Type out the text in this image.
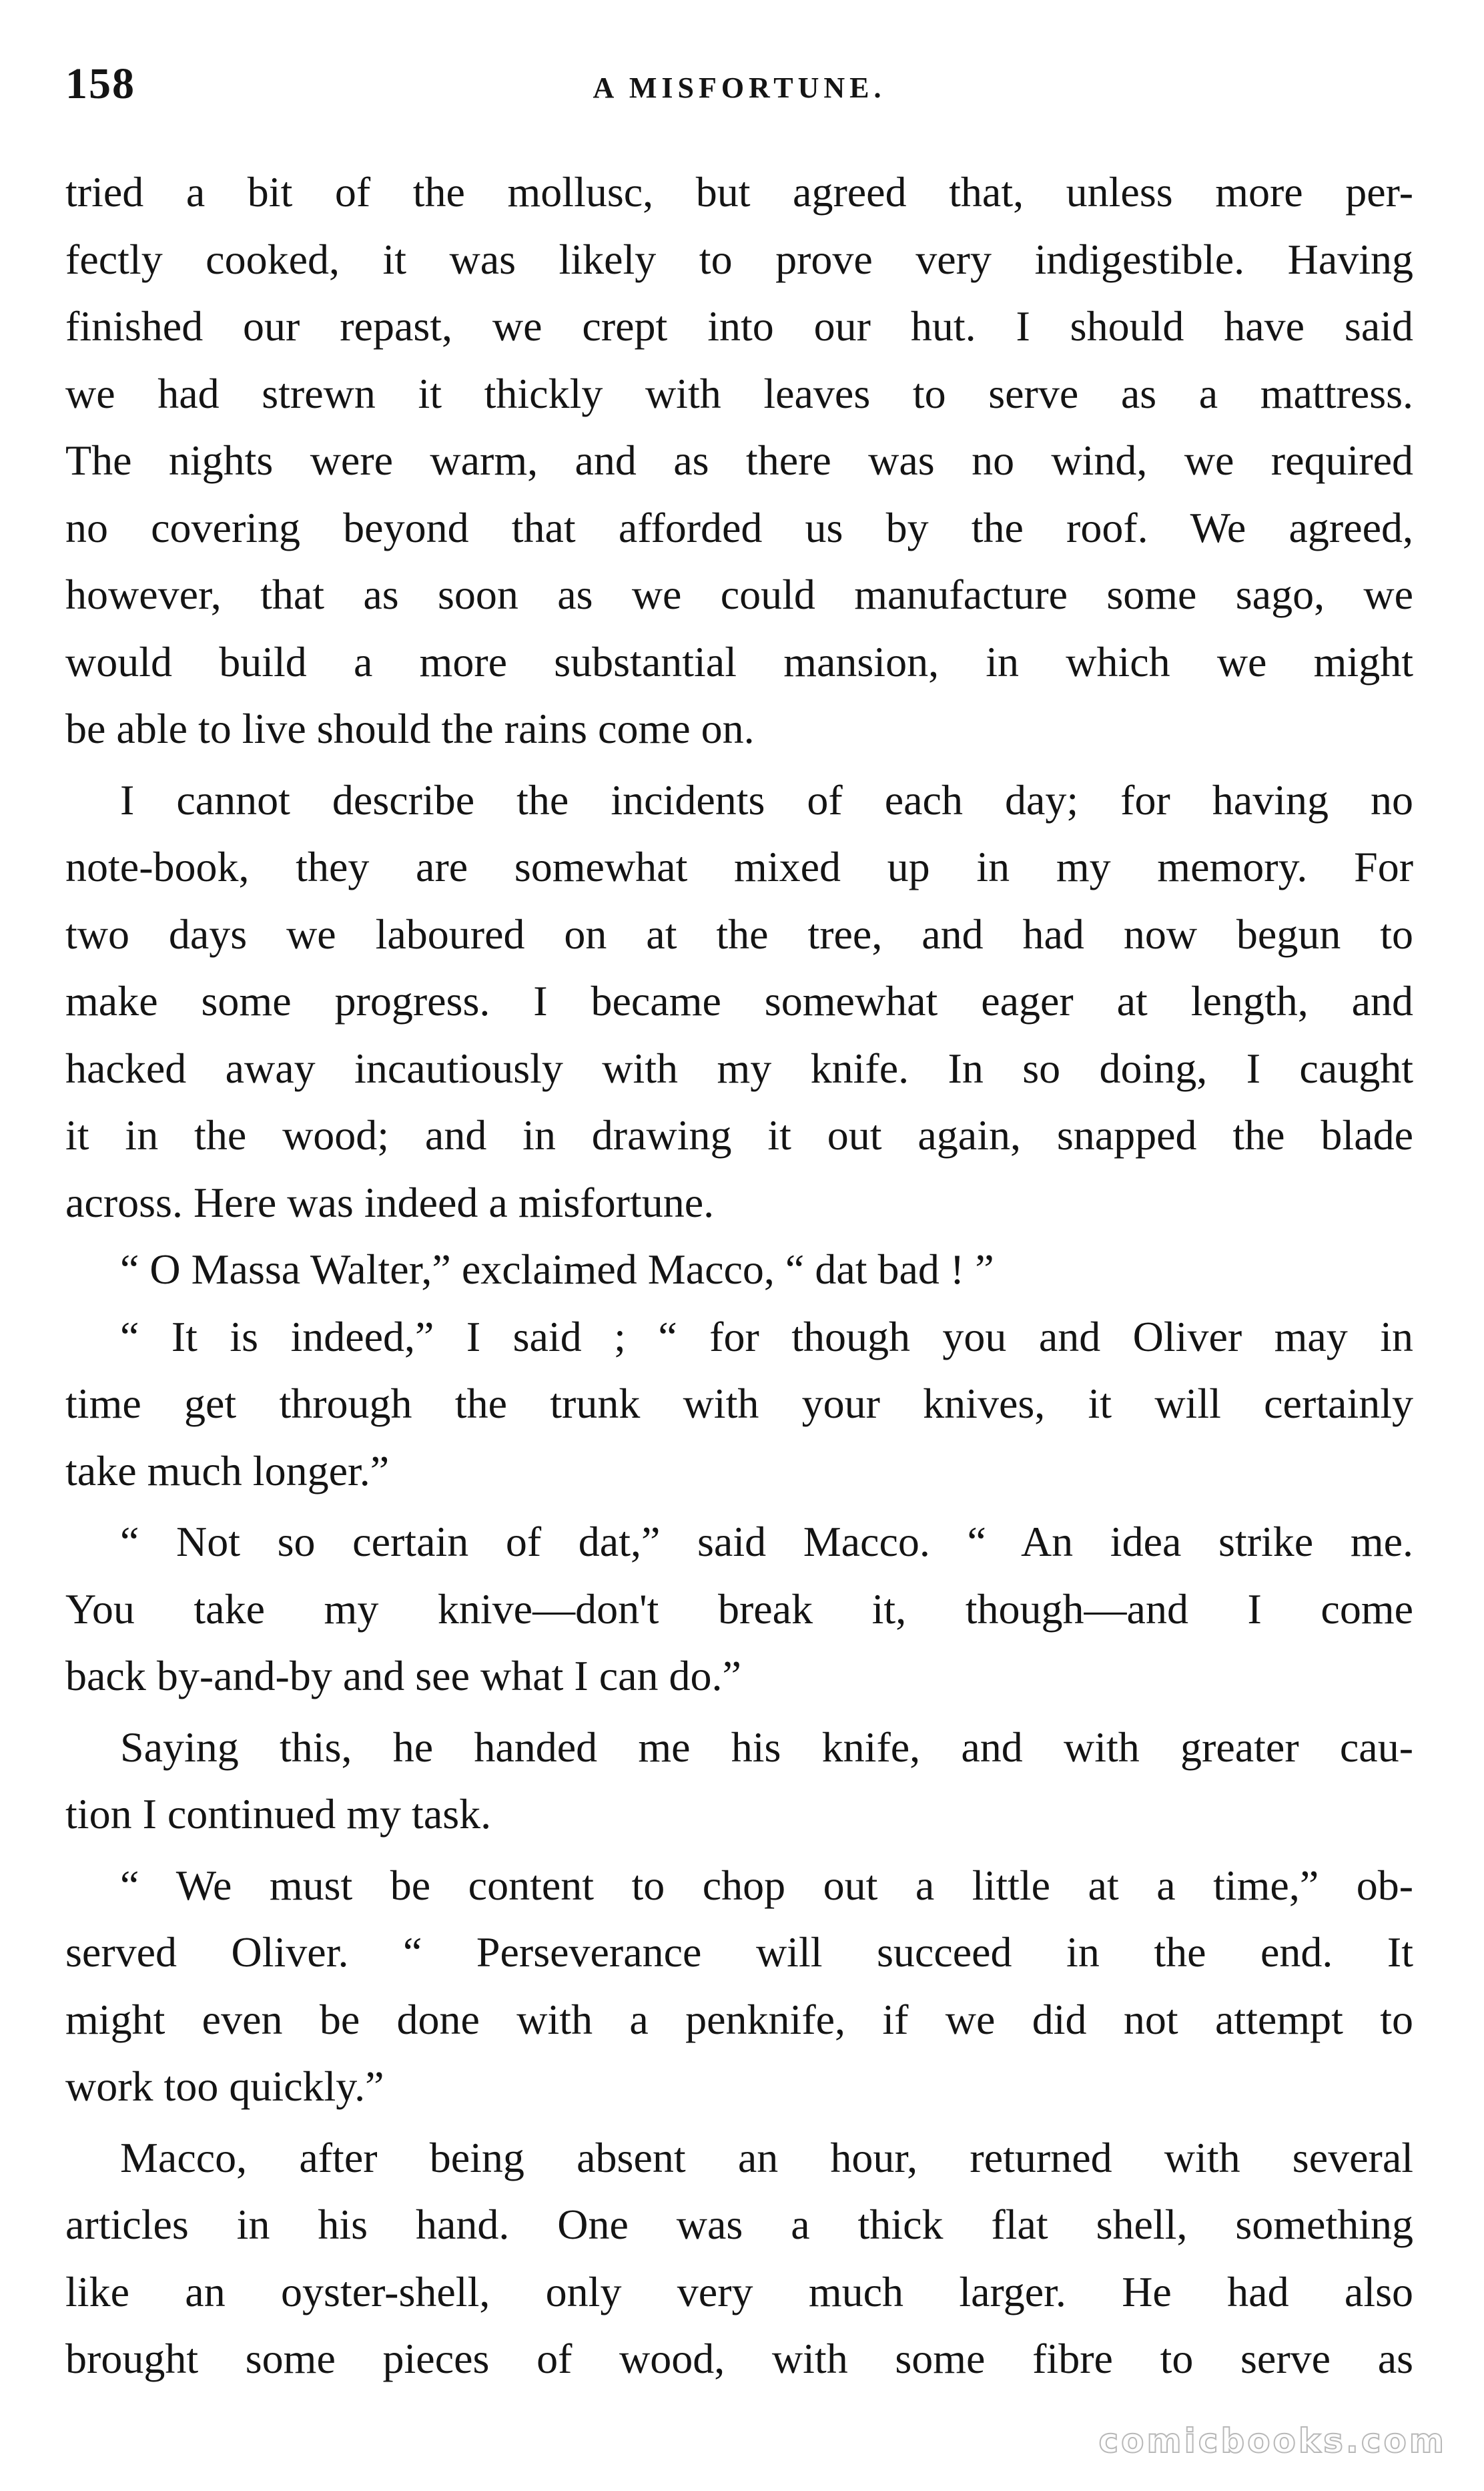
158	A MISFORTUNE.
tried a bit of the mollusc, but agreed that, unless more per-
fectly cooked, it was likely to prove very indigestible. Having
finished our repast, we crept into our hut. I should have said
we had strewn it thickly with leaves to serve as a mattress.
The nights were warm, and as there was no wind, we required
no covering beyond that afforded us by the roof. We agreed,
however, that as soon as we could manufacture some sago, we
would build a more substantial mansion, in which we might
be able to live should the rains come on.
I cannot describe the incidents of each day; for having no
note-book, they are somewhat mixed up in my memory. For
two days we laboured on at the tree, and had now begun to
make some progress. I became somewhat eager at length, and
hacked away incautiously with my knife. In so doing, I caught
it in the wood; and in drawing it out again, snapped the blade
across. Here was indeed a misfortune.
“ O Massa Walter,” exclaimed Macco, “ dat bad ! ”
“ It is indeed,” I said ; “ for though you and Oliver may in
time get through the trunk with your knives, it will certainly
take much longer.”
“ Not so certain of dat,” said Macco. “ An idea strike me.
You take my knive—don't break it, though—and I come
back by-and-by and see what I can do.”
Saying this, he handed me his knife, and with greater cau-
tion I continued my task.
“ We must be content to chop out a little at a time,” ob-
served Oliver. “ Perseverance will succeed in the end. It
might even be done with a penknife, if we did not attempt to
work too quickly.”
Macco, after being absent an hour, returned with several
articles in his hand. One was a thick flat shell, something
like an oyster-shell, only very much larger. He had also
brought some pieces of wood, with some fibre to serve as
comicbooks.com
